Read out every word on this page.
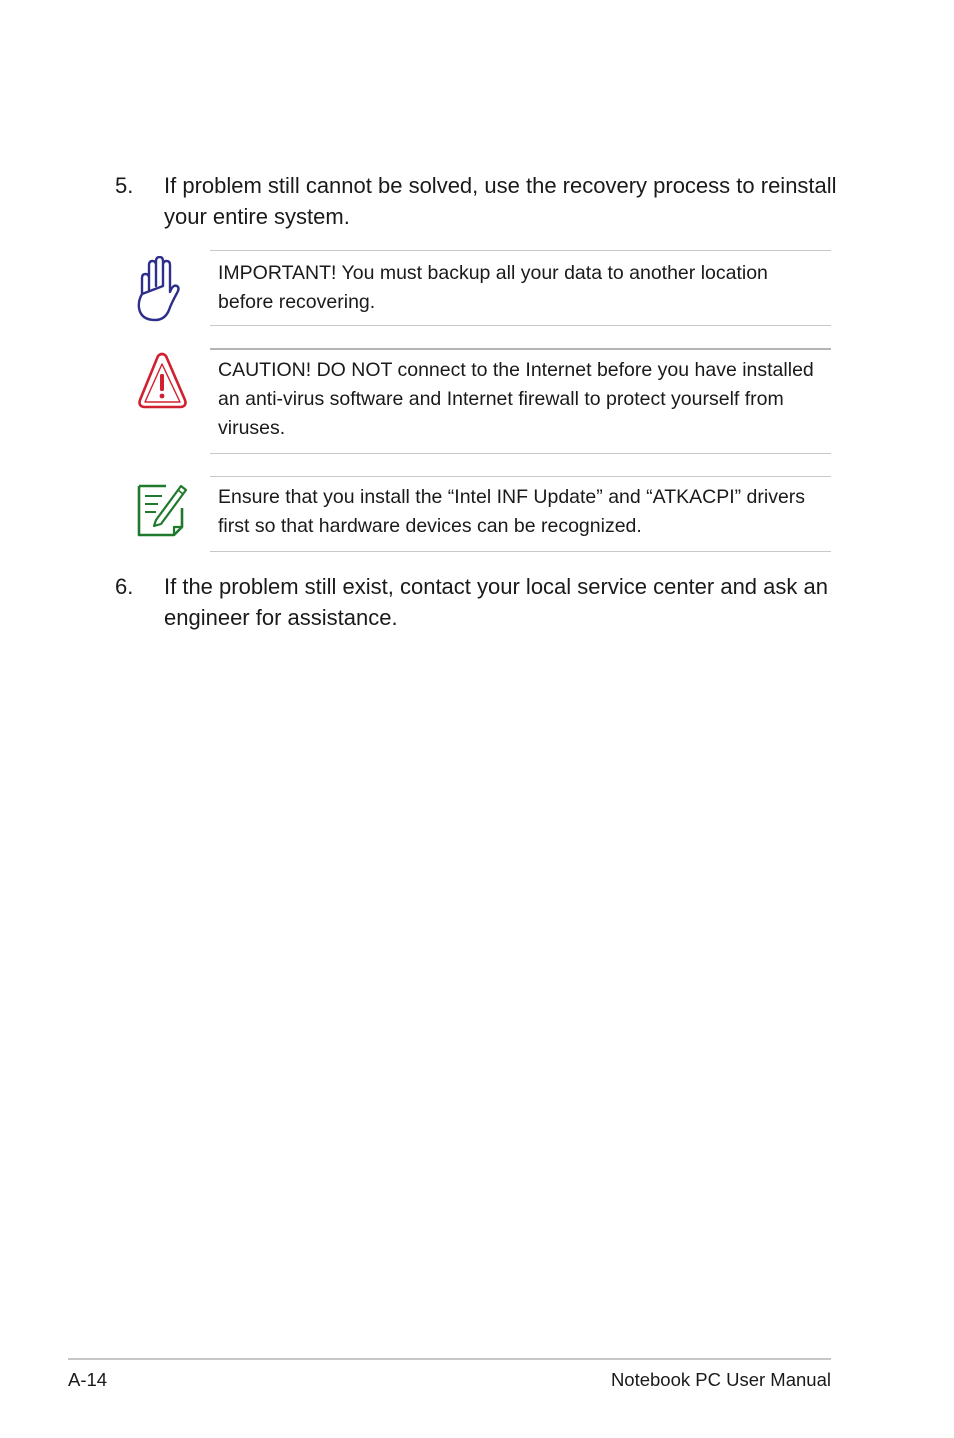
5. If problem still cannot be solved, use the recovery process to reinstall your entire system.
IMPORTANT! You must backup all your data to another location before recovering.
CAUTION! DO NOT connect to the Internet before you have installed an anti-virus software and Internet firewall to protect yourself from viruses.
Ensure that you install the “Intel INF Update” and “ATKACPI” drivers first so that hardware devices can be recognized.
6. If the problem still exist, contact your local service center and ask an engineer for assistance.
A-14	Notebook PC User Manual
